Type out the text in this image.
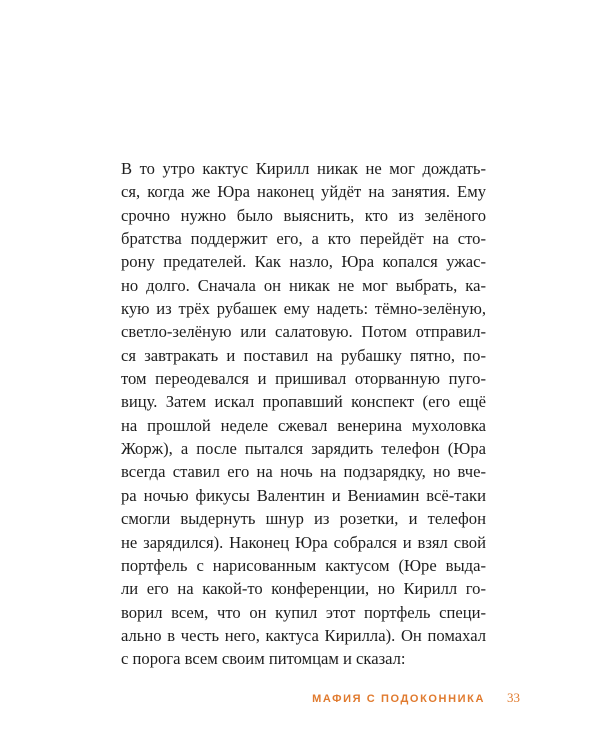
В то утро кактус Кирилл никак не мог дождать-
ся, когда же Юра наконец уйдёт на занятия. Ему
срочно нужно было выяснить, кто из зелёного
братства поддержит его, а кто перейдёт на сто-
рону предателей. Как назло, Юра копался ужас-
но долго. Сначала он никак не мог выбрать, ка-
кую из трёх рубашек ему надеть: тёмно-зелёную,
светло-зелёную или салатовую. Потом отправил-
ся завтракать и поставил на рубашку пятно, по-
том переодевался и пришивал оторванную пуго-
вицу. Затем искал пропавший конспект (его ещё
на прошлой неделе сжевал венерина мухоловка
Жорж), а после пытался зарядить телефон (Юра
всегда ставил его на ночь на подзарядку, но вче-
ра ночью фикусы Валентин и Вениамин всё-таки
смогли выдернуть шнур из розетки, и телефон
не зарядился). Наконец Юра собрался и взял свой
портфель с нарисованным кактусом (Юре выда-
ли его на какой-то конференции, но Кирилл го-
ворил всем, что он купил этот портфель специ-
ально в честь него, кактуса Кирилла). Он помахал
с порога всем своим питомцам и сказал:
МАФИЯ С ПОДОКОННИКА 33
